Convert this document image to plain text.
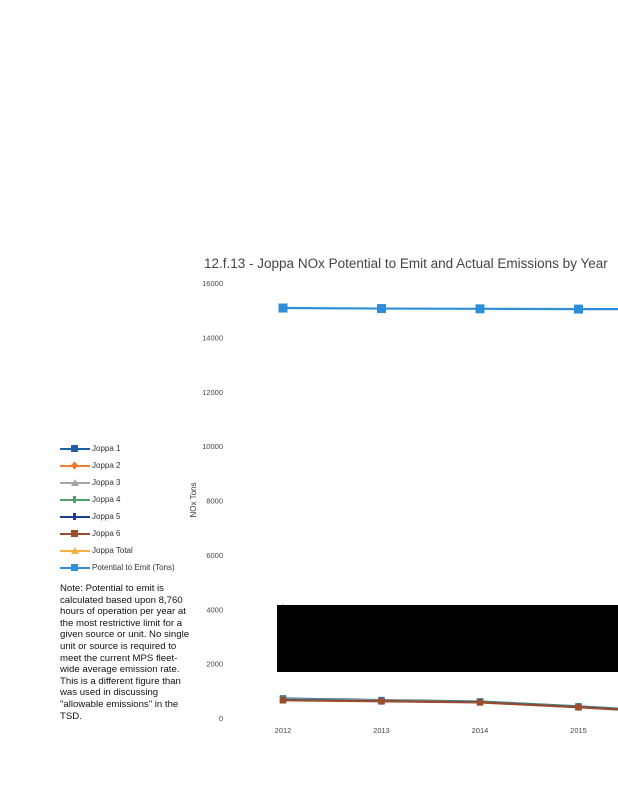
12.f.13 - Joppa NOx Potential to Emit and Actual Emissions by Year
NOx Tons
0
2000
4000
6000
8000
10000
12000
14000
16000
2012	2013	2014	2015
Joppa 1
Joppa 2
Joppa 3
Joppa 4
Joppa 5
Joppa 6
Joppa Total
Potential to Emit (Tons)
Note: Potential to emit is calculated based upon 8,760 hours of operation per year at the most restrictive limit for a given source or unit. No single unit or source is required to meet the current MPS fleet-wide average emission rate. This is a different figure than was used in discussing "allowable emissions" in the TSD.
